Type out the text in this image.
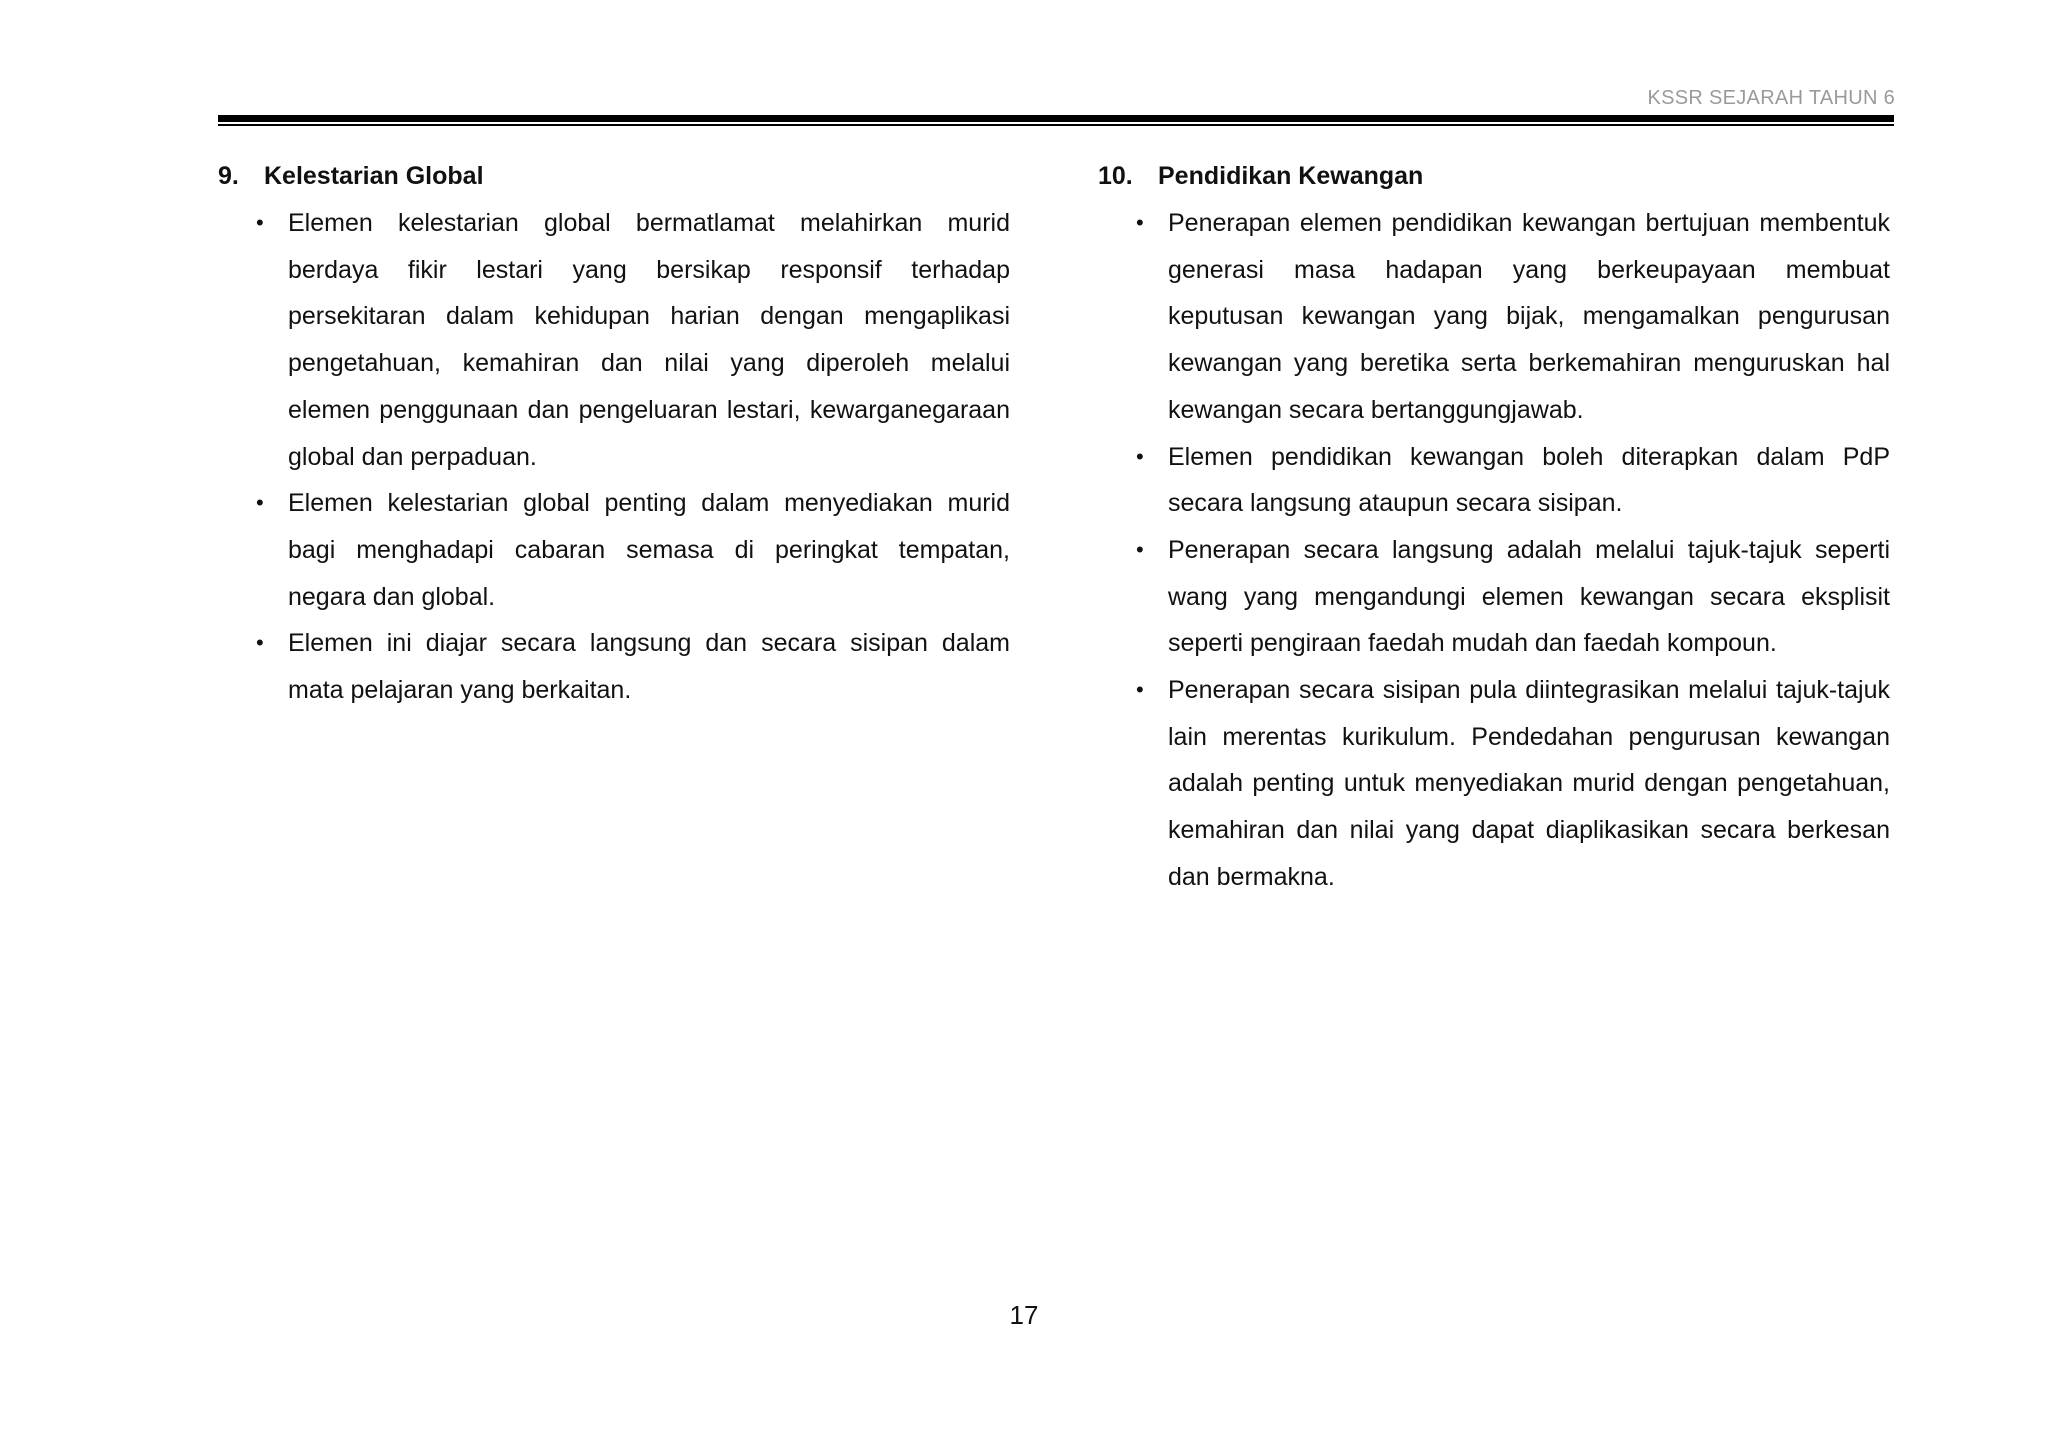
KSSR SEJARAH TAHUN 6
9.	Kelestarian Global
• Elemen kelestarian global bermatlamat melahirkan murid berdaya fikir lestari yang bersikap responsif terhadap persekitaran dalam kehidupan harian dengan mengaplikasi pengetahuan, kemahiran dan nilai yang diperoleh melalui elemen penggunaan dan pengeluaran lestari, kewarganegaraan global dan perpaduan.
• Elemen kelestarian global penting dalam menyediakan murid bagi menghadapi cabaran semasa di peringkat tempatan, negara dan global.
• Elemen ini diajar secara langsung dan secara sisipan dalam mata pelajaran yang berkaitan.
10.	Pendidikan Kewangan
• Penerapan elemen pendidikan kewangan bertujuan membentuk generasi masa hadapan yang berkeupayaan membuat keputusan kewangan yang bijak, mengamalkan pengurusan kewangan yang beretika serta berkemahiran menguruskan hal kewangan secara bertanggungjawab.
• Elemen pendidikan kewangan boleh diterapkan dalam PdP secara langsung ataupun secara sisipan.
• Penerapan secara langsung adalah melalui tajuk-tajuk seperti wang yang mengandungi elemen kewangan secara eksplisit seperti pengiraan faedah mudah dan faedah kompoun.
• Penerapan secara sisipan pula diintegrasikan melalui tajuk-tajuk lain merentas kurikulum. Pendedahan pengurusan kewangan adalah penting untuk menyediakan murid dengan pengetahuan, kemahiran dan nilai yang dapat diaplikasikan secara berkesan dan bermakna.
17
